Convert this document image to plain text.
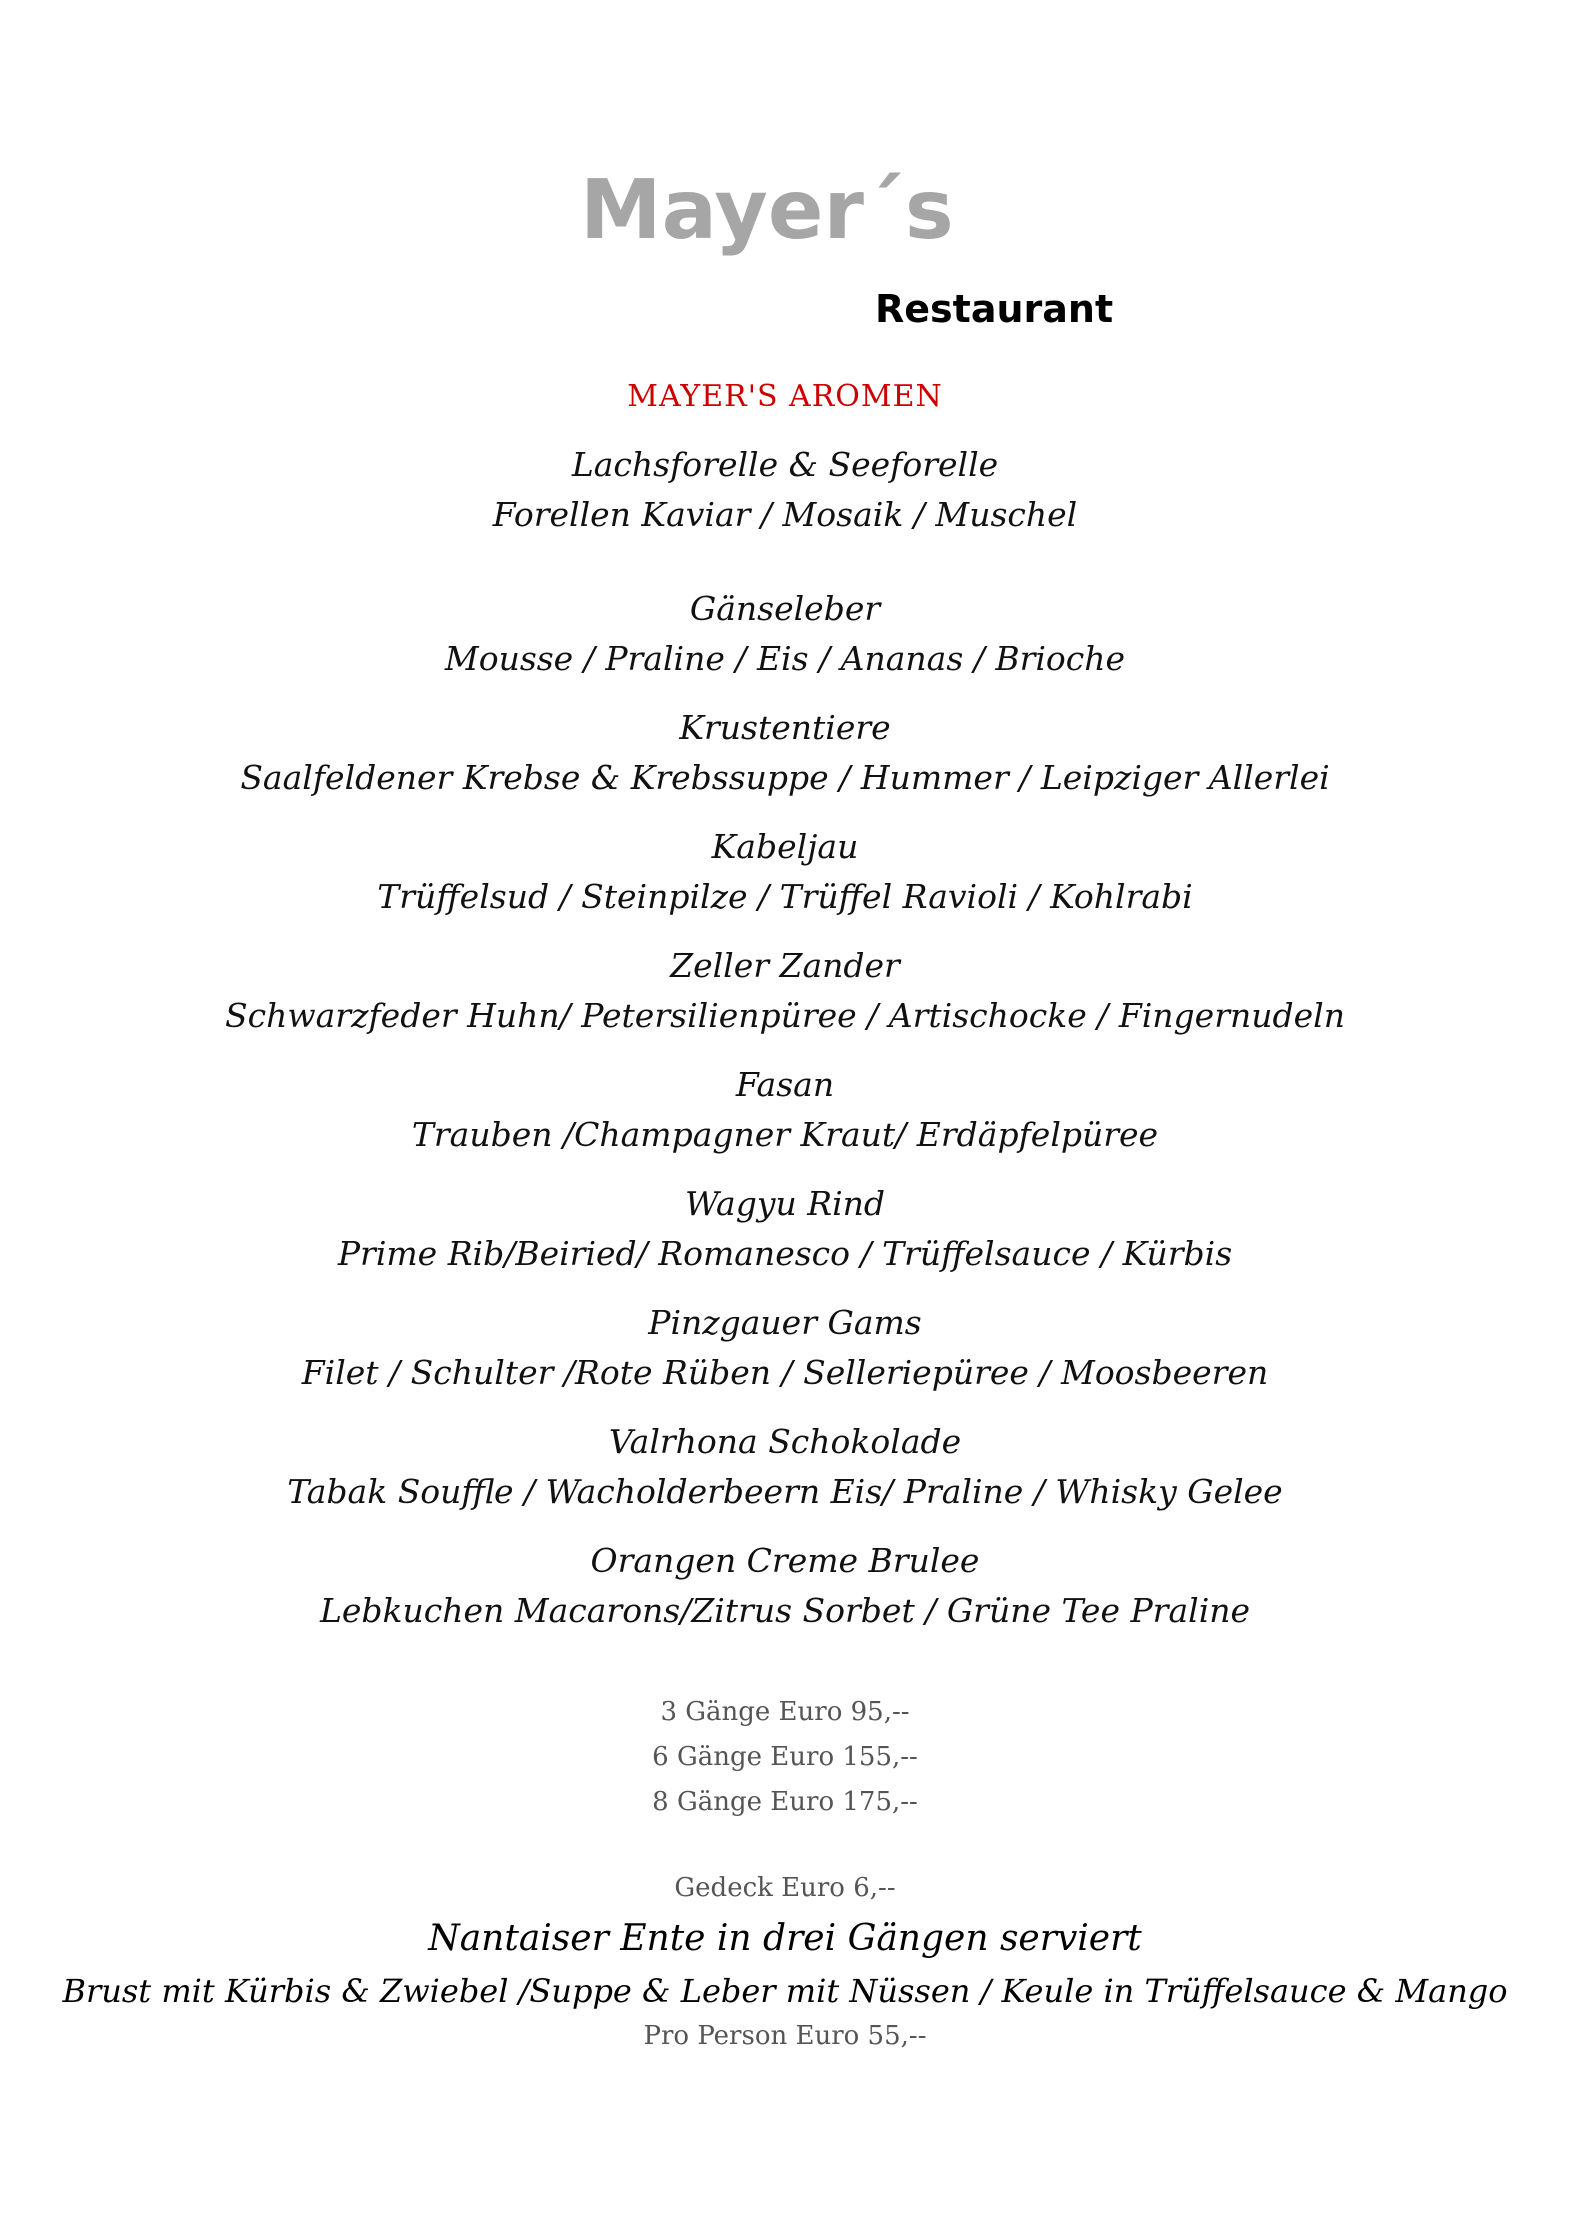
Mayer´s
Restaurant
MAYER'S AROMEN
Lachsforelle & Seeforelle
Forellen Kaviar / Mosaik / Muschel
Gänseleber
Mousse / Praline / Eis / Ananas / Brioche
Krustentiere
Saalfeldener Krebse & Krebssuppe / Hummer / Leipziger Allerlei
Kabeljau
Trüffelsud / Steinpilze / Trüffel Ravioli / Kohlrabi
Zeller Zander
Schwarzfeder Huhn/ Petersilienpüree / Artischocke / Fingernudeln
Fasan
Trauben /Champagner Kraut/ Erdäpfelpüree
Wagyu Rind
Prime Rib/Beiried/ Romanesco / Trüffelsauce / Kürbis
Pinzgauer Gams
Filet / Schulter /Rote Rüben / Selleriepüree / Moosbeeren
Valrhona Schokolade
Tabak Souffle / Wacholderbeern Eis/ Praline / Whisky Gelee
Orangen Creme Brulee
Lebkuchen Macarons/Zitrus Sorbet / Grüne Tee Praline
3 Gänge Euro 95,--
6 Gänge Euro 155,--
8 Gänge Euro 175,--
Gedeck Euro 6,--
Nantaiser Ente in drei Gängen serviert
Brust mit Kürbis & Zwiebel /Suppe & Leber mit Nüssen / Keule in Trüffelsauce & Mango
Pro Person Euro 55,--
